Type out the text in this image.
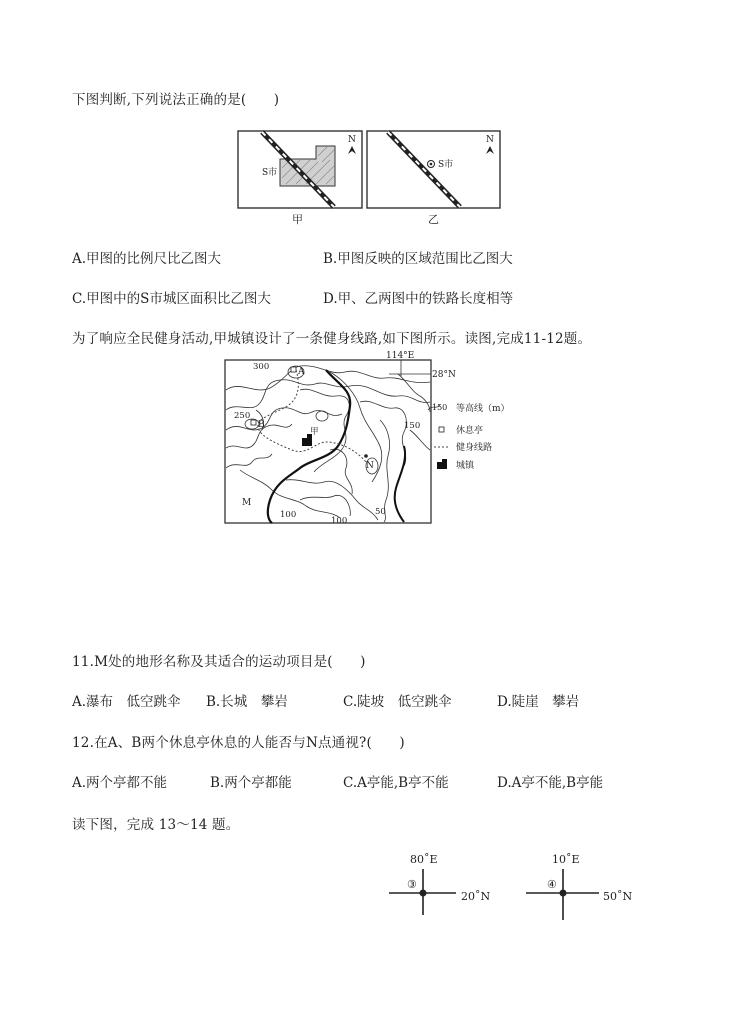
下图判断,下列说法正确的是(　　)
S市
N
甲
S市
N
乙
A.甲图的比例尺比乙图大	B.甲图反映的区域范围比乙图大
C.甲图中的S市城区面积比乙图大	D.甲、乙两图中的铁路长度相等
为了响应全民健身活动,甲城镇设计了一条健身线路,如下图所示。读图,完成11-12题。
114°E
28°N
300
250
150
100
100
50
A
B
N
M
甲
150 等高线（m）
休息亭
健身线路
城镇
11.M处的地形名称及其适合的运动项目是(　　)
A.瀑布　低空跳伞 B.长城　攀岩	C.陡坡　低空跳伞	D.陡崖　攀岩
12.在A、B两个休息亭休息的人能否与N点通视?(　　)
A.两个亭都不能	B.两个亭都能	C.A亭能,B亭不能	D.A亭不能,B亭能
读下图，完成 13～14 题。
80˚E
③
20˚N
10˚E
④
50˚N
